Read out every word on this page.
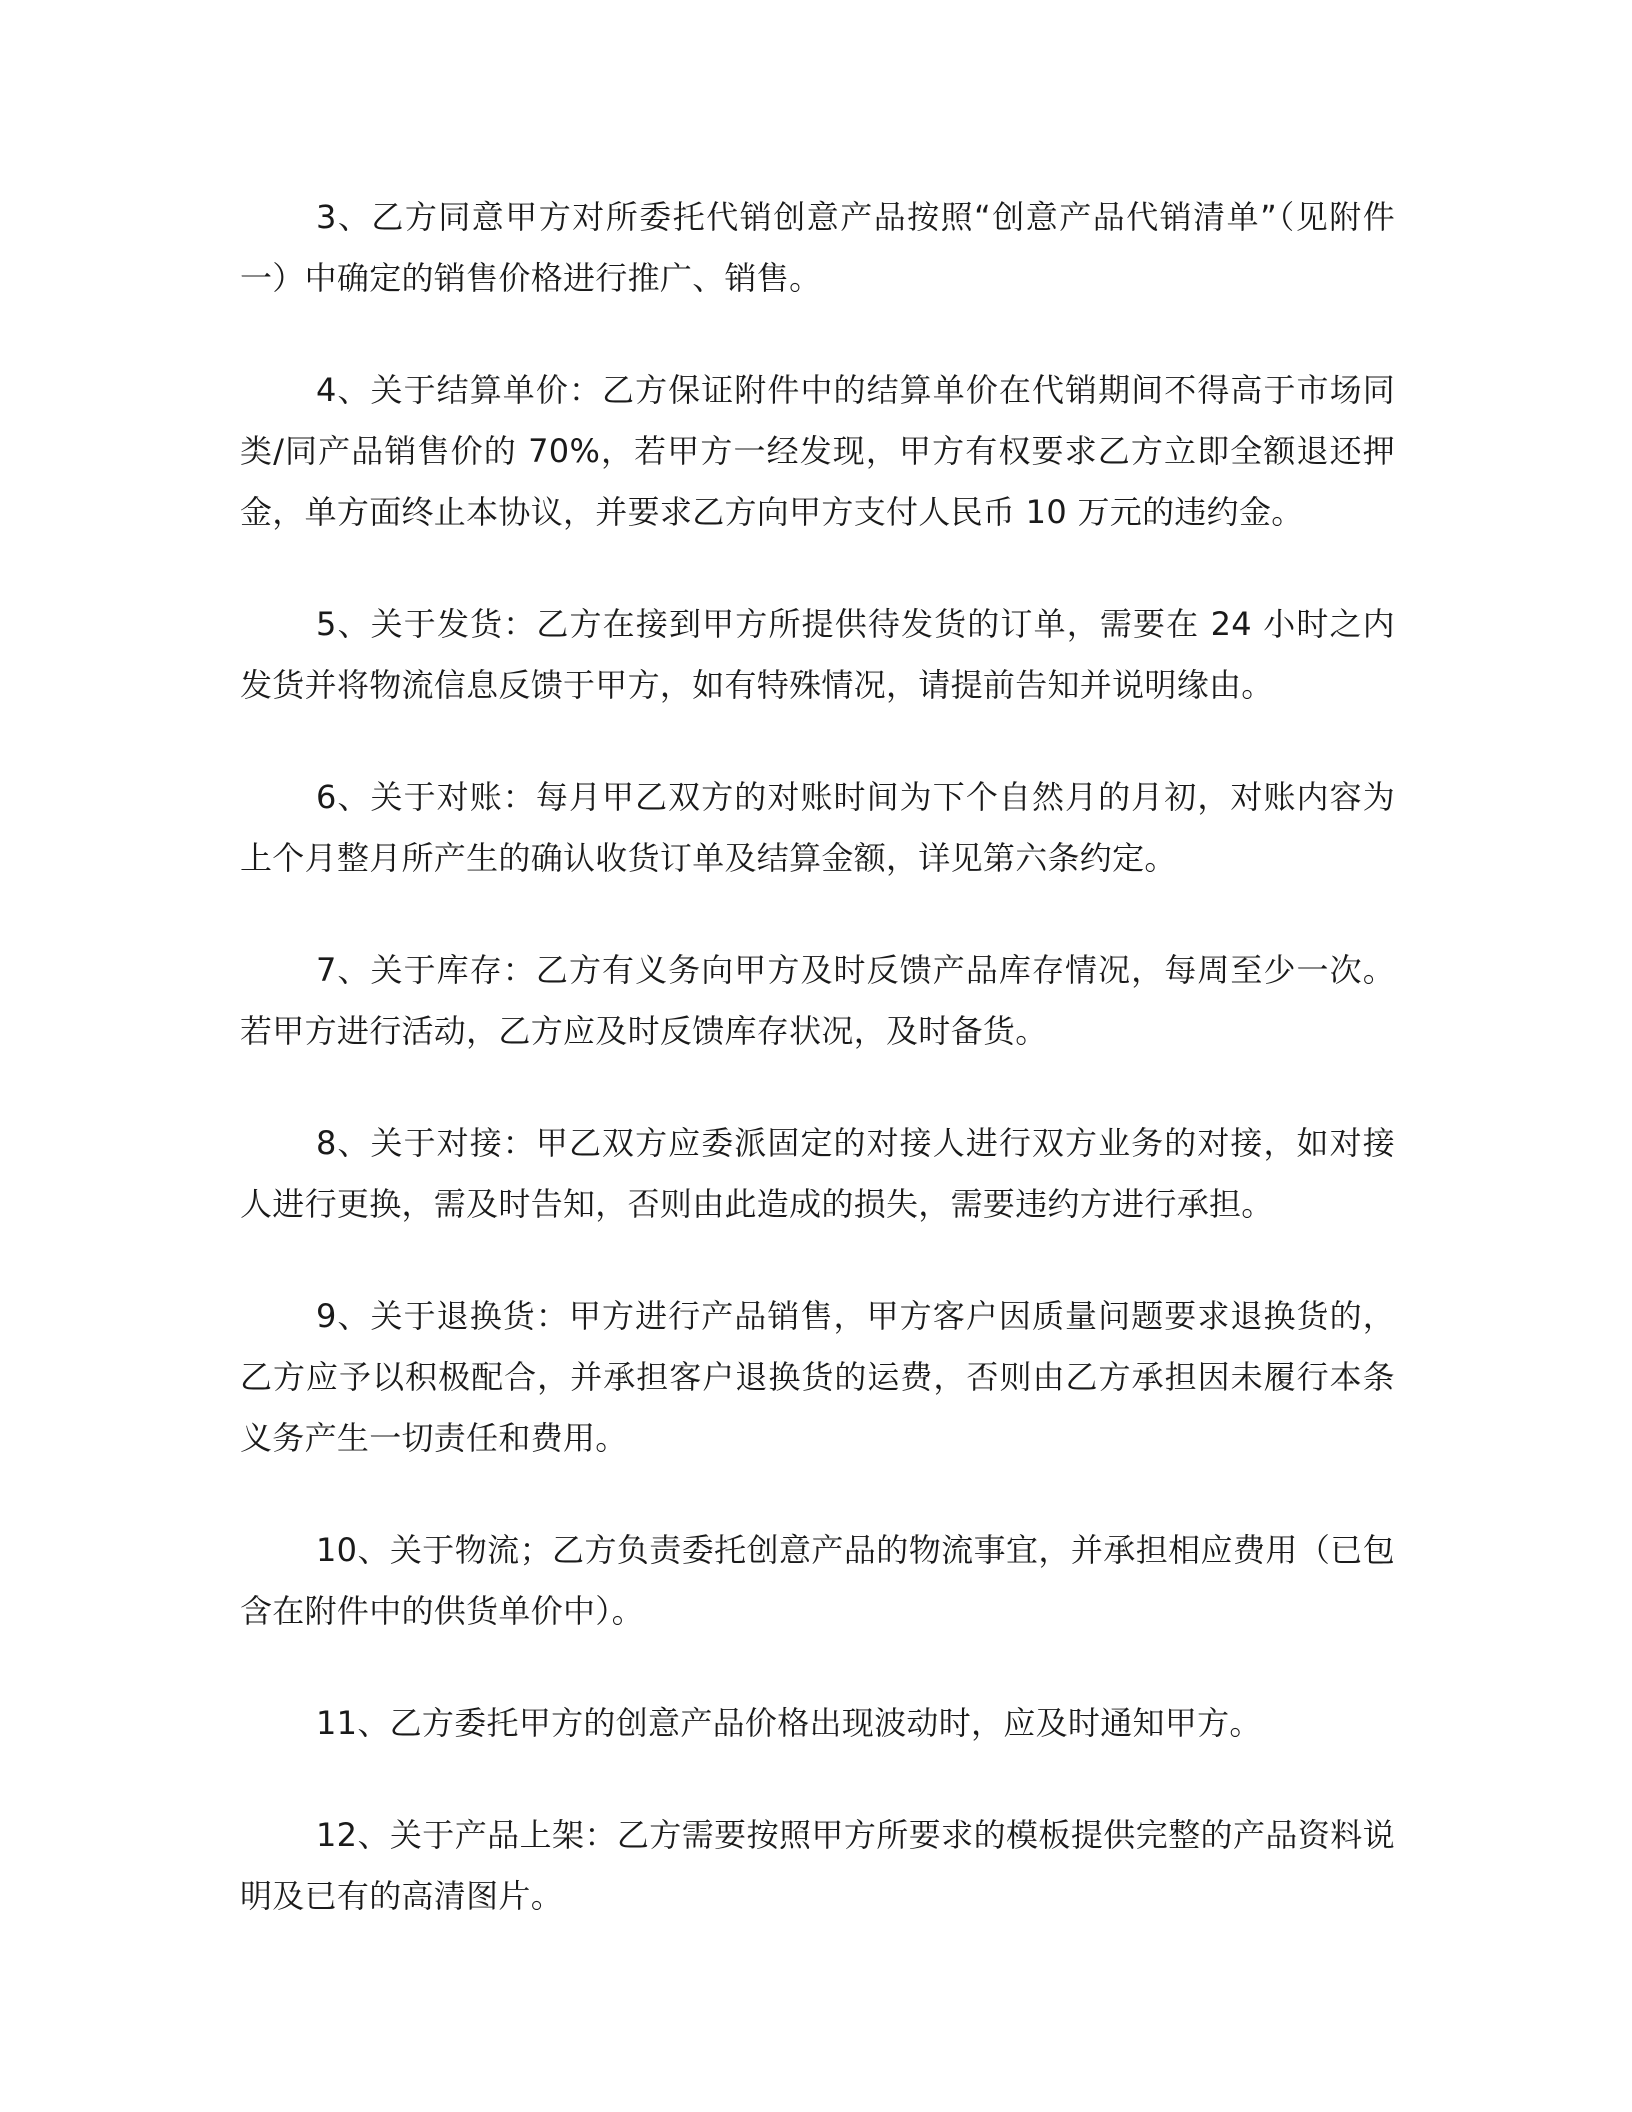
3、乙方同意甲方对所委托代销创意产品按照“创意产品代销清单”（见附件一）中确定的销售价格进行推广、销售。

4、关于结算单价：乙方保证附件中的结算单价在代销期间不得高于市场同类/同产品销售价的 70%，若甲方一经发现，甲方有权要求乙方立即全额退还押金，单方面终止本协议，并要求乙方向甲方支付人民币 10 万元的违约金。

5、关于发货：乙方在接到甲方所提供待发货的订单，需要在 24 小时之内发货并将物流信息反馈于甲方，如有特殊情况，请提前告知并说明缘由。

6、关于对账：每月甲乙双方的对账时间为下个自然月的月初，对账内容为上个月整月所产生的确认收货订单及结算金额，详见第六条约定。

7、关于库存：乙方有义务向甲方及时反馈产品库存情况，每周至少一次。若甲方进行活动，乙方应及时反馈库存状况，及时备货。

8、关于对接：甲乙双方应委派固定的对接人进行双方业务的对接，如对接人进行更换，需及时告知，否则由此造成的损失，需要违约方进行承担。

9、关于退换货：甲方进行产品销售，甲方客户因质量问题要求退换货的，乙方应予以积极配合，并承担客户退换货的运费，否则由乙方承担因未履行本条义务产生一切责任和费用。

10、关于物流；乙方负责委托创意产品的物流事宜，并承担相应费用（已包含在附件中的供货单价中）。

11、乙方委托甲方的创意产品价格出现波动时，应及时通知甲方。

12、关于产品上架：乙方需要按照甲方所要求的模板提供完整的产品资料说明及已有的高清图片。
